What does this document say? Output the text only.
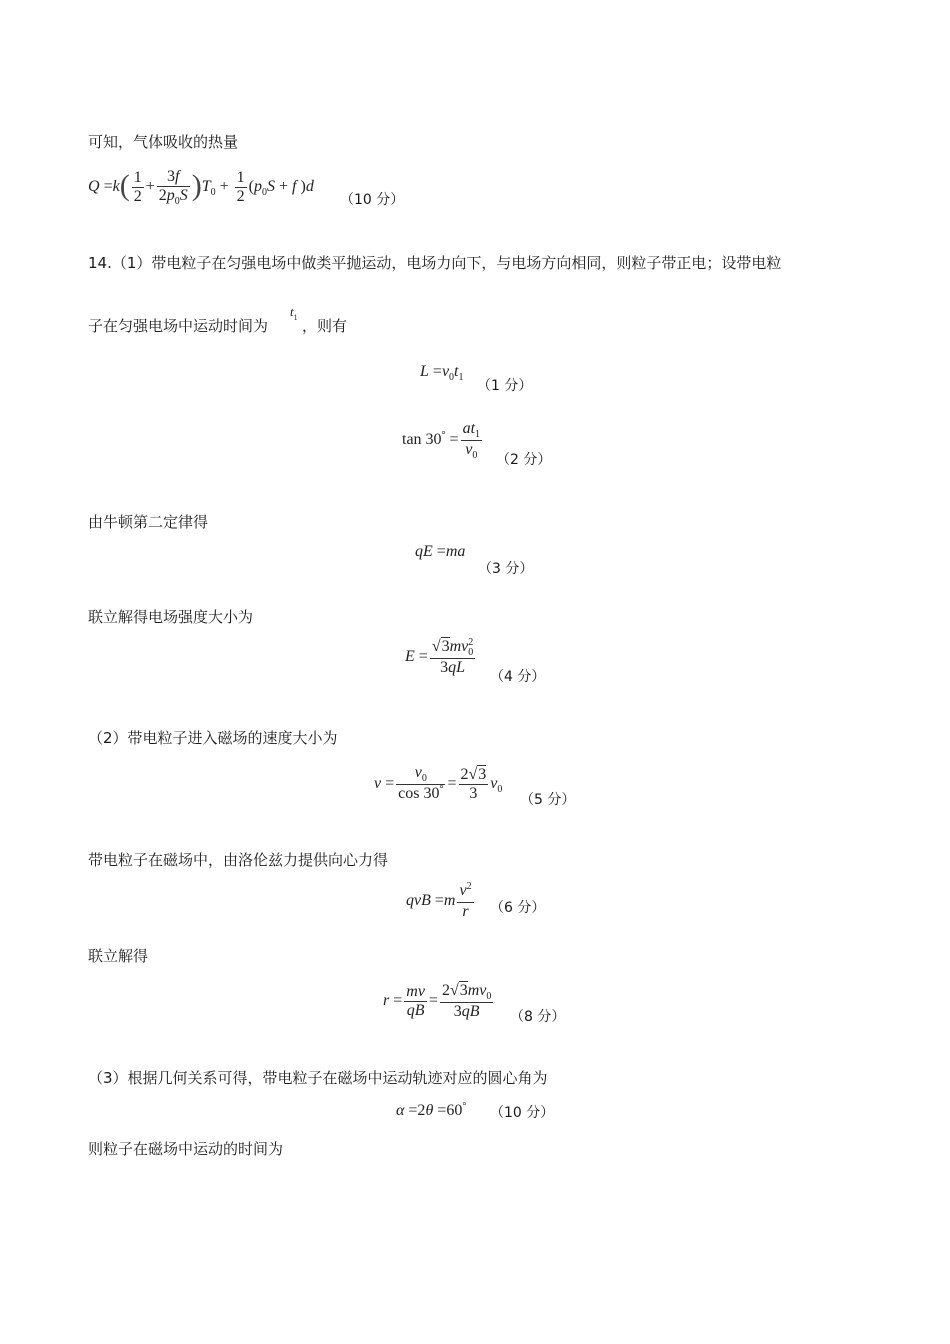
可知，气体吸收的热量
$Q =k( \frac{1}{2} + \frac{3f}{2p_0S} )T_0 + \frac{1}{2} (p_0S + f$ )d
（10 分）
14.（1）带电粒子在匀强电场中做类平抛运动，电场力向下，与电场方向相同，则粒子带正电；设带电粒
子在匀强电场中运动时间为
$t_1$ ，则有
$L =v_0t_1$
（1 分）
$\tan 30^\circ = \frac{at_1}{v_0} (2$ 分）
由牛顿第二定律得
qE =ma
（3 分）
联立解得电场强度大小为
$E = \frac{√3mv_0^2}{3qL} (4$ 分）
（2）带电粒子进入磁场的速度大小为
$v = \frac{v_0}{\cos 30^\circ} = \frac{2√3}{3} v_0$
（5 分）
带电粒子在磁场中，由洛伦兹力提供向心力得
qvB $=m \frac{v^2}{r} (6$ 分）
联立解得
$r = \frac{mv}{qB} = \frac{2√3mv_0}{3qB} (8$ 分）
（3）根据几何关系可得，带电粒子在磁场中运动轨迹对应的圆心角为
α =2θ =60° （10 分）
则粒子在磁场中运动的时间为
